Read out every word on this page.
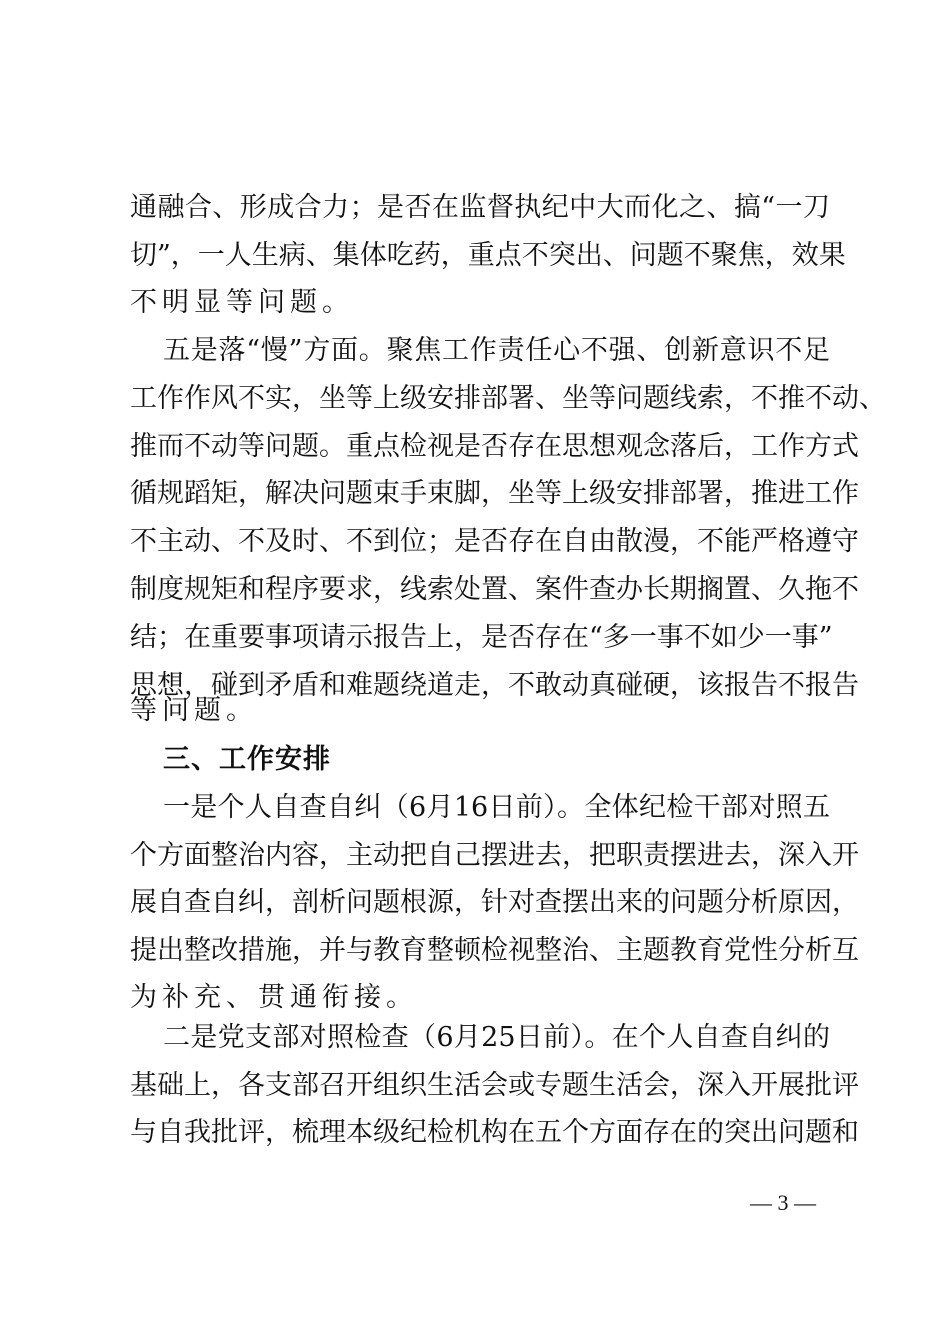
通融合、形成合力；是否在监督执纪中大而化之、搞“一刀
切”，一人生病、集体吃药，重点不突出、问题不聚焦，效果
不明显等问题。
五是落“慢”方面。聚焦工作责任心不强、创新意识不足
工作作风不实，坐等上级安排部署、坐等问题线索，不推不动、
推而不动等问题。重点检视是否存在思想观念落后，工作方式
循规蹈矩，解决问题束手束脚，坐等上级安排部署，推进工作
不主动、不及时、不到位；是否存在自由散漫，不能严格遵守
制度规矩和程序要求，线索处置、案件查办长期搁置、久拖不
结；在重要事项请示报告上，是否存在“多一事不如少一事”
思想，碰到矛盾和难题绕道走，不敢动真碰硬，该报告不报告
等问题。
三、工作安排
一是个人自查自纠（6月16日前）。全体纪检干部对照五
个方面整治内容，主动把自己摆进去，把职责摆进去，深入开
展自查自纠，剖析问题根源，针对查摆出来的问题分析原因，
提出整改措施，并与教育整顿检视整治、主题教育党性分析互
为补充、贯通衔接。
二是党支部对照检查（6月25日前）。在个人自查自纠的
基础上，各支部召开组织生活会或专题生活会，深入开展批评
与自我批评，梳理本级纪检机构在五个方面存在的突出问题和
— 3 —
